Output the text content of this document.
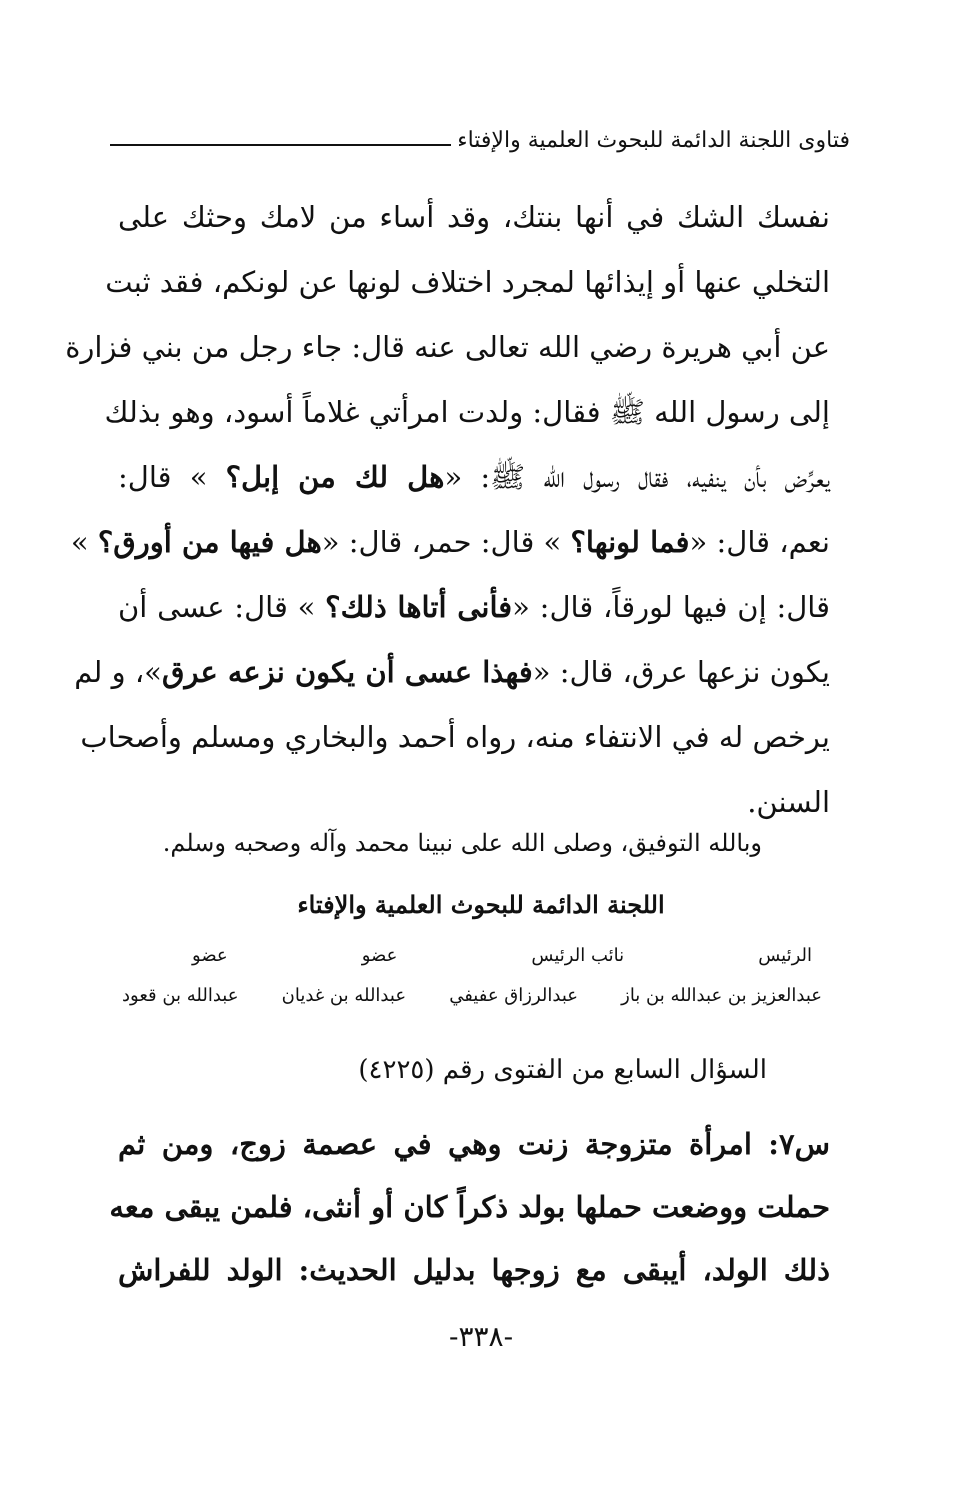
فتاوى اللجنة الدائمة للبحوث العلمية والإفتاء
نفسك الشك في أنها بنتك، وقد أساء من لامك وحثك على
التخلي عنها أو إيذائها لمجرد اختلاف لونها عن لونكم، فقد ثبت
عن أبي هريرة رضي الله تعالى عنه قال: جاء رجل من بني فزارة
إلى رسول الله ﷺ فقال: ولدت امرأتي غلاماً أسود، وهو بذلك
يعرِّض بأن ينفيه، فقال رسول الله ﷺ: «هل لك من إبل؟ » قال:
نعم، قال: «فما لونها؟ » قال: حمر، قال: «هل فيها من أورق؟ »
قال: إن فيها لورقاً، قال: «فأنى أتاها ذلك؟ » قال: عسى أن
يكون نزعها عرق، قال: «فهذا عسى أن يكون نزعه عرق»، و لم
يرخص له في الانتفاء منه، رواه أحمد والبخاري ومسلم وأصحاب
السنن.
وبالله التوفيق، وصلى الله على نبينا محمد وآله وصحبه وسلم.
اللجنة الدائمة للبحوث العلمية والإفتاء
الرئيس
نائب الرئيس
عضو
عضو
عبدالعزيز بن عبدالله بن باز
عبدالرزاق عفيفي
عبدالله بن غديان
عبدالله بن قعود
السؤال السابع من الفتوى رقم (٤٢٢٥)
س٧: امرأة متزوجة زنت وهي في عصمة زوج، ومن ثم
حملت ووضعت حملها بولد ذكراً كان أو أنثى، فلمن يبقى معه
ذلك الولد، أيبقى مع زوجها بدليل الحديث: الولد للفراش
-٣٣٨-
